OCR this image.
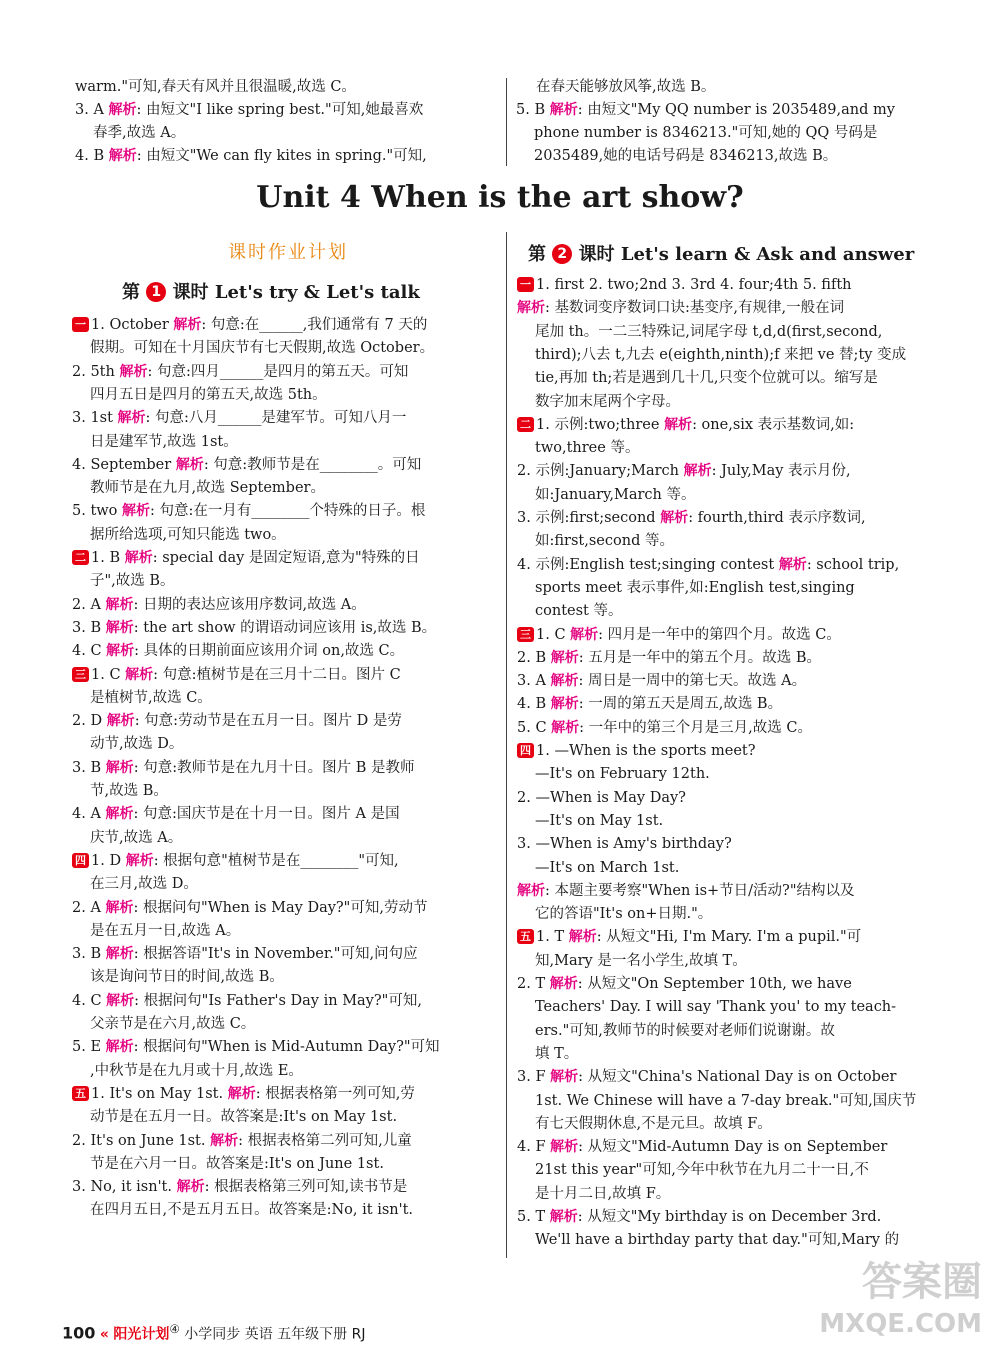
warm."可知,春天有风并且很温暖,故选 C。
3. A 解析: 由短文"I like spring best."可知,她最喜欢
春季,故选 A。
4. B 解析: 由短文"We can fly kites in spring."可知,
在春天能够放风筝,故选 B。
5. B 解析: 由短文"My QQ number is 2035489,and my
phone number is 8346213."可知,她的 QQ 号码是
2035489,她的电话号码是 8346213,故选 B。
Unit 4 When is the art show?
课时作业计划
第 1 课时 Let's try & Let's talk
第 2 课时 Let's learn & Ask and answer
一 1. October 解析: 句意:在______,我们通常有 7 天的
假期。可知在十月国庆节有七天假期,故选 October。
2. 5th 解析: 句意:四月______是四月的第五天。可知
四月五日是四月的第五天,故选 5th。
3. 1st 解析: 句意:八月______是建军节。可知八月一
日是建军节,故选 1st。
4. September 解析: 句意:教师节是在________。可知
教师节是在九月,故选 September。
5. two 解析: 句意:在一月有________个特殊的日子。根
据所给选项,可知只能选 two。
二 1. B 解析: special day 是固定短语,意为"特殊的日
子",故选 B。
2. A 解析: 日期的表达应该用序数词,故选 A。
3. B 解析: the art show 的谓语动词应该用 is,故选 B。
4. C 解析: 具体的日期前面应该用介词 on,故选 C。
三 1. C 解析: 句意:植树节是在三月十二日。图片 C
是植树节,故选 C。
2. D 解析: 句意:劳动节是在五月一日。图片 D 是劳
动节,故选 D。
3. B 解析: 句意:教师节是在九月十日。图片 B 是教师
节,故选 B。
4. A 解析: 句意:国庆节是在十月一日。图片 A 是国
庆节,故选 A。
四 1. D 解析: 根据句意"植树节是在________"可知,
在三月,故选 D。
2. A 解析: 根据问句"When is May Day?"可知,劳动节
是在五月一日,故选 A。
3. B 解析: 根据答语"It's in November."可知,问句应
该是询问节日的时间,故选 B。
4. C 解析: 根据问句"Is Father's Day in May?"可知,
父亲节是在六月,故选 C。
5. E 解析: 根据问句"When is Mid-Autumn Day?"可知
,中秋节是在九月或十月,故选 E。
五 1. It's on May 1st. 解析: 根据表格第一列可知,劳
动节是在五月一日。故答案是:It's on May 1st.
2. It's on June 1st. 解析: 根据表格第二列可知,儿童
节是在六月一日。故答案是:It's on June 1st.
3. No, it isn't. 解析: 根据表格第三列可知,读书节是
在四月五日,不是五月五日。故答案是:No, it isn't.
一 1. first 2. two;2nd 3. 3rd 4. four;4th 5. fifth
解析: 基数词变序数词口诀:基变序,有规律,一般在词
尾加 th。一二三特殊记,词尾字母 t,d,d(first,second,
third);八去 t,九去 e(eighth,ninth);f 来把 ve 替;ty 变成
tie,再加 th;若是遇到几十几,只变个位就可以。缩写是
数字加末尾两个字母。
二 1. 示例:two;three 解析: one,six 表示基数词,如:
two,three 等。
2. 示例:January;March 解析: July,May 表示月份,
如:January,March 等。
3. 示例:first;second 解析: fourth,third 表示序数词,
如:first,second 等。
4. 示例:English test;singing contest 解析: school trip,
sports meet 表示事件,如:English test,singing
contest 等。
三 1. C 解析: 四月是一年中的第四个月。故选 C。
2. B 解析: 五月是一年中的第五个月。故选 B。
3. A 解析: 周日是一周中的第七天。故选 A。
4. B 解析: 一周的第五天是周五,故选 B。
5. C 解析: 一年中的第三个月是三月,故选 C。
四 1. —When is the sports meet?
—It's on February 12th.
2. —When is May Day?
—It's on May 1st.
3. —When is Amy's birthday?
—It's on March 1st.
解析: 本题主要考察"When is+节日/活动?"结构以及
它的答语"It's on+日期."。
五 1. T 解析: 从短文"Hi, I'm Mary. I'm a pupil."可
知,Mary 是一名小学生,故填 T。
2. T 解析: 从短文"On September 10th, we have
Teachers' Day. I will say 'Thank you' to my teach-
ers."可知,教师节的时候要对老师们说谢谢。故
填 T。
3. F 解析: 从短文"China's National Day is on October
1st. We Chinese will have a 7-day break."可知,国庆节
有七天假期休息,不是元旦。故填 F。
4. F 解析: 从短文"Mid-Autumn Day is on September
21st this year"可知,今年中秋节在九月二十一日,不
是十月二日,故填 F。
5. T 解析: 从短文"My birthday is on December 3rd.
We'll have a birthday party that day."可知,Mary 的
100 « 阳光计划④ 小学同步 英语 五年级下册 RJ
答案圈
MXQE.COM
